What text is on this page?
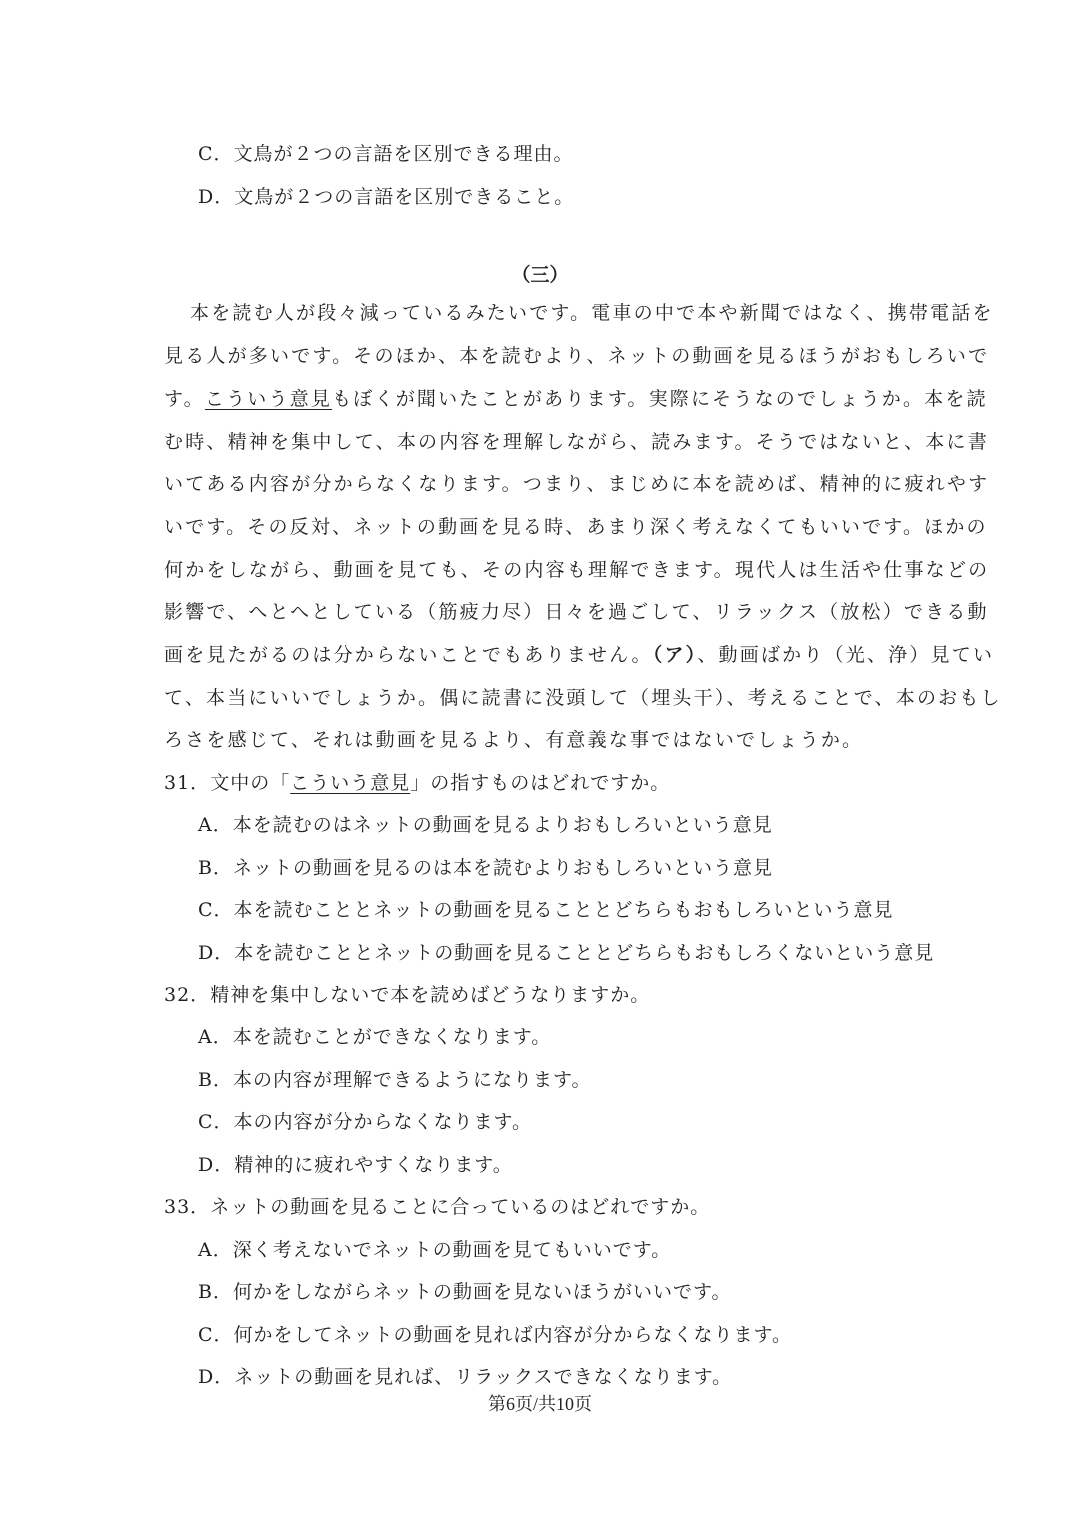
C．文鳥が２つの言語を区別できる理由。
D．文鳥が２つの言語を区別できること。
（三）
本を読む人が段々減っているみたいです。電車の中で本や新聞ではなく、携帯電話を
見る人が多いです。そのほか、本を読むより、ネットの動画を見るほうがおもしろいで
す。こういう意見もぼくが聞いたことがあります。実際にそうなのでしょうか。本を読
む時、精神を集中して、本の内容を理解しながら、読みます。そうではないと、本に書
いてある内容が分からなくなります。つまり、まじめに本を読めば、精神的に疲れやす
いです。その反対、ネットの動画を見る時、あまり深く考えなくてもいいです。ほかの
何かをしながら、動画を見ても、その内容も理解できます。現代人は生活や仕事などの
影響で、へとへとしている（筋疲力尽）日々を過ごして、リラックス（放松）できる動
画を見たがるのは分からないことでもありません。（ア）、動画ばかり（光、浄）見てい
て、本当にいいでしょうか。偶に読書に没頭して（埋头干）、考えることで、本のおもし
ろさを感じて、それは動画を見るより、有意義な事ではないでしょうか。
31．文中の「こういう意見」の指すものはどれですか。
A．本を読むのはネットの動画を見るよりおもしろいという意見
B．ネットの動画を見るのは本を読むよりおもしろいという意見
C．本を読むこととネットの動画を見ることとどちらもおもしろいという意見
D．本を読むこととネットの動画を見ることとどちらもおもしろくないという意見
32．精神を集中しないで本を読めばどうなりますか。
A．本を読むことができなくなります。
B．本の内容が理解できるようになります。
C．本の内容が分からなくなります。
D．精神的に疲れやすくなります。
33．ネットの動画を見ることに合っているのはどれですか。
A．深く考えないでネットの動画を見てもいいです。
B．何かをしながらネットの動画を見ないほうがいいです。
C．何かをしてネットの動画を見れば内容が分からなくなります。
D．ネットの動画を見れば、リラックスできなくなります。
第6页/共10页
